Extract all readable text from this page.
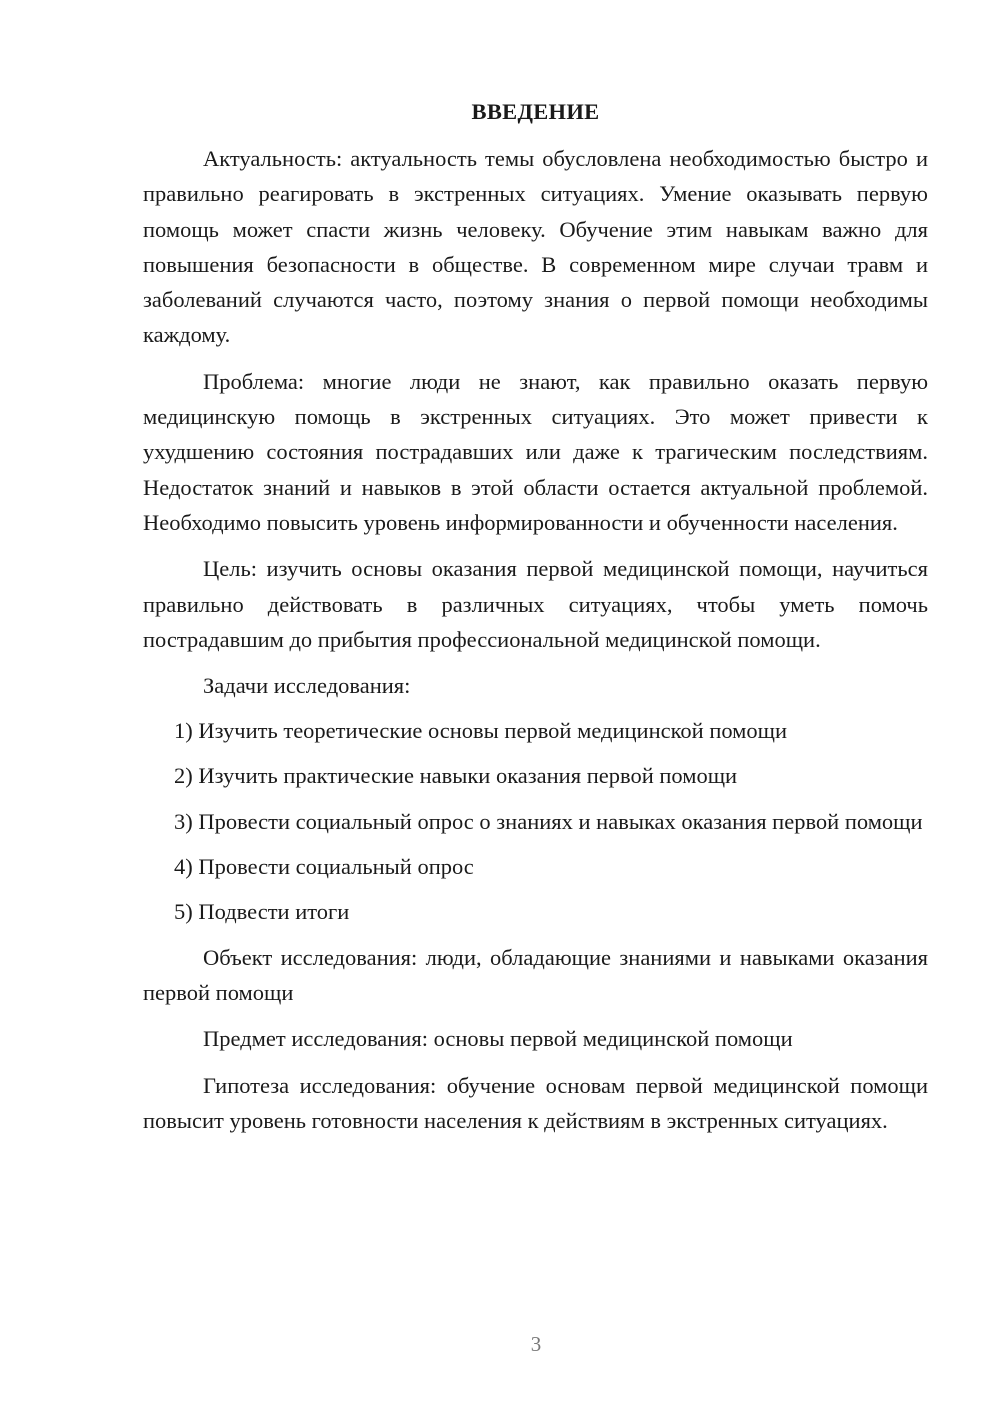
ВВЕДЕНИЕ

Актуальность: актуальность темы обусловлена необходимостью быстро и правильно реагировать в экстренных ситуациях. Умение оказывать первую помощь может спасти жизнь человеку. Обучение этим навыкам важно для повышения безопасности в обществе. В современном мире случаи травм и заболеваний случаются часто, поэтому знания о первой помощи необходимы каждому.

Проблема: многие люди не знают, как правильно оказать первую медицинскую помощь в экстренных ситуациях. Это может привести к ухудшению состояния пострадавших или даже к трагическим последствиям. Недостаток знаний и навыков в этой области остается актуальной проблемой. Необходимо повысить уровень информированности и обученности населения.

Цель: изучить основы оказания первой медицинской помощи, научиться правильно действовать в различных ситуациях, чтобы уметь помочь пострадавшим до прибытия профессиональной медицинской помощи.

Задачи исследования:

1) Изучить теоретические основы первой медицинской помощи

2) Изучить практические навыки оказания первой помощи

3) Провести социальный опрос о знаниях и навыках оказания первой помощи

4) Провести социальный опрос

5) Подвести итоги

Объект исследования: люди, обладающие знаниями и навыками оказания первой помощи

Предмет исследования: основы первой медицинской помощи

Гипотеза исследования: обучение основам первой медицинской помощи повысит уровень готовности населения к действиям в экстренных ситуациях.

3
